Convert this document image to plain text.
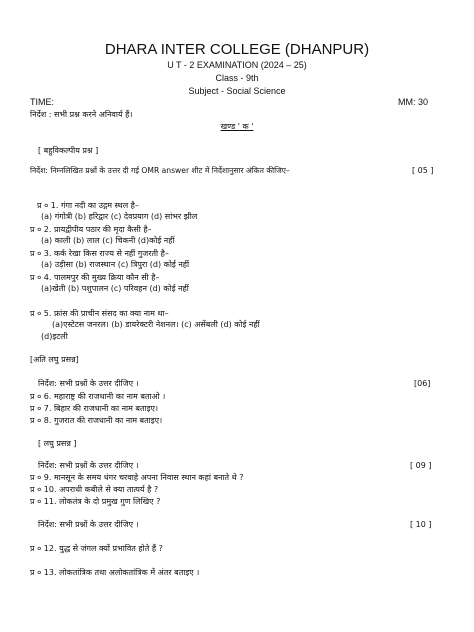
DHARA INTER COLLEGE (DHANPUR)
U T - 2 EXAMINATION (2024 – 25)
Class - 9th
Subject - Social Science
TIME:	MM: 30
निर्देश : सभी प्रश्न करने अनिवार्य हैं।
खण्ड ' क '
[ बहुविकल्पीय प्रश्न ]
निर्देश: निम्नलिखित प्रश्नों के उत्तर दी गई OMR answer शीट में निर्देशानुसार अंकित कीजिए–	[ 05 ]
प्र ० 1. गंगा नदी का उद्गम स्थल है–
(a) गंगोत्री (b) हरिद्वार (c) देवप्रयाग (d) सांभर झील
प्र ० 2. प्रायद्वीपीय पठार की मृदा कैसी है–
(a) काली (b) लाल (c) चिकनी (d)कोई नहीं
प्र ० 3. कर्क रेखा किस राज्य से नहीं गुजरती है–
(a) उड़ीसा (b) राजस्थान (c) त्रिपुरा (d) कोई नहीं
प्र ० 4. पालमपुर की मुख्य क्रिया कौन सी है–
(a)खेती (b) पशुपालन (c) परिवहन (d) कोई नहीं
प्र ० 5. फ्रांस की प्राचीन संसद का क्या नाम था–
(a)एस्टेटस जनरल। (b) डायरेक्टरी नेशनल। (c) असेंबली (d) कोई नहीं
(d)इटली
[अति लघु प्रसन्न]
निर्देश: सभी प्रश्नों के उत्तर दीजिए ।	[06]
प्र ० 6. महाराष्ट्र की राजधानी का नाम बताओ ।
प्र ० 7. बिहार की राजधानी का नाम बताइए।
प्र ० 8. गुजरात की राजधानी का नाम बताइए।
[ लघु प्रसन्न ]
निर्देश: सभी प्रश्नों के उत्तर दीजिए ।	[ 09 ]
प्र ० 9. मानसून के समय धंगर चरवाहे अपना निवास स्थान कहां बनाते थे ?
प्र ० 10. अपराधी कबीले से क्या तात्पर्य है ?
प्र ० 11. लोकतंत्र के दो प्रमुख गुण लिखिए ?
निर्देश: सभी प्रश्नों के उत्तर दीजिए ।	[ 10 ]
प्र ० 12. युद्ध से जंगल क्यों प्रभावित होते हैं ?
प्र ० 13. लोकतांत्रिक तथा अलोकतांत्रिक में अंतर बताइए ।
